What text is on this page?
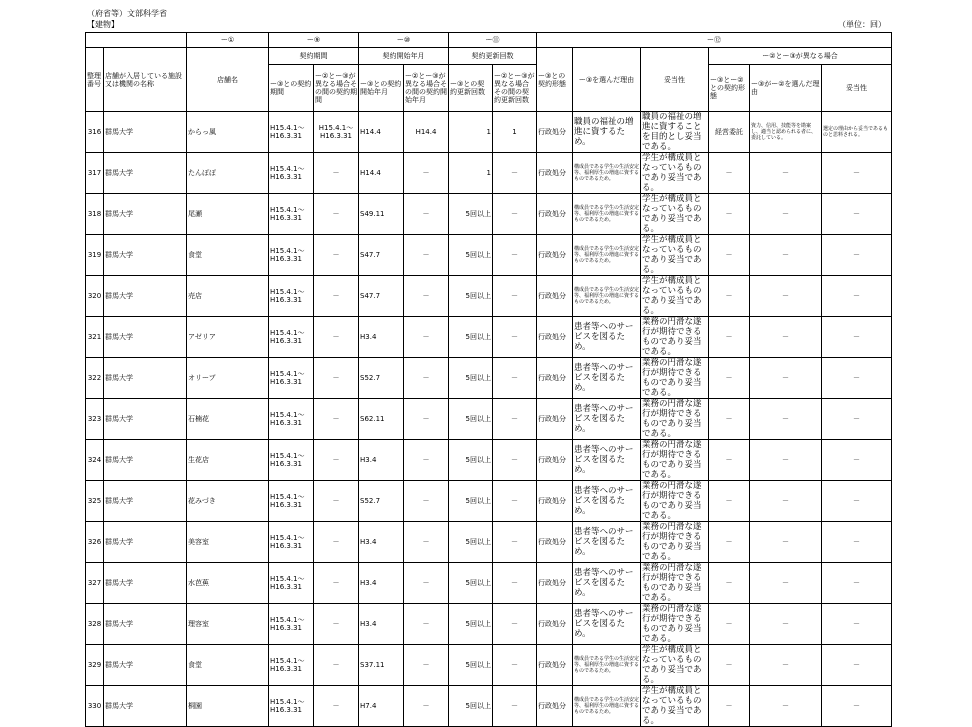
（府省等）文部科学省
【建物】	（単位：回）
		ー①	ー⑨		ー⑩		ー⑪		ー⑫					
整理番号	店舗が入居している施設又は機関の名称	店舗名	契約期間		契約開始年月		契約更新回数		ー③との契約形態	ー③を選んだ理由	妥当性	ー②とー③が異なる場合		
			ー③との契約期間	ー②とー③が異なる場合その間の契約期間	ー③との契約開始年月	ー②とー③が異なる場合その間の契約開始年月	ー③との契約更新回数	ー②とー③が異なる場合その間の契約更新回数				ー③とー②との契約形態	ー③がー②を選んだ理由	妥当性
316	群馬大学	からっ風	H15.4.1～H16.3.31	H15.4.1～H16.3.31	H14.4	H14.4	1	1	行政処分	職員の福祉の増進に資するため。	職員の福祉の増進に資することを目的とし妥当である。	経営委託	資力、信用、技能等を勘案し、適当と認められる者に、委託している。	選定の理由から妥当であるものと思料される。
317	群馬大学	たんぽぽ	H15.4.1～H16.3.31	－	H14.4	－	1	－	行政処分	構成員である学生の生活安定等、福利厚生の増進に資するものであるため。	学生が構成員となっているものであり妥当である。	－	－	－
318	群馬大学	尾瀬	H15.4.1～H16.3.31	－	S49.11	－	5回以上	－	行政処分	構成員である学生の生活安定等、福利厚生の増進に資するものであるため。	学生が構成員となっているものであり妥当である。	－	－	－
319	群馬大学	食堂	H15.4.1～H16.3.31	－	S47.7	－	5回以上	－	行政処分	構成員である学生の生活安定等、福利厚生の増進に資するものであるため。	学生が構成員となっているものであり妥当である。	－	－	－
320	群馬大学	売店	H15.4.1～H16.3.31	－	S47.7	－	5回以上	－	行政処分	構成員である学生の生活安定等、福利厚生の増進に資するものであるため。	学生が構成員となっているものであり妥当である。	－	－	－
321	群馬大学	アゼリア	H15.4.1～H16.3.31	－	H3.4	－	5回以上	－	行政処分	患者等へのサービスを図るため。	業務の円滑な遂行が期待できるものであり妥当である。	－	－	－
322	群馬大学	オリーブ	H15.4.1～H16.3.31	－	S52.7	－	5回以上	－	行政処分	患者等へのサービスを図るため。	業務の円滑な遂行が期待できるものであり妥当である。	－	－	－
323	群馬大学	石楠花	H15.4.1～H16.3.31	－	S62.11	－	5回以上	－	行政処分	患者等へのサービスを図るため。	業務の円滑な遂行が期待できるものであり妥当である。	－	－	－
324	群馬大学	生花店	H15.4.1～H16.3.31	－	H3.4	－	5回以上	－	行政処分	患者等へのサービスを図るため。	業務の円滑な遂行が期待できるものであり妥当である。	－	－	－
325	群馬大学	花みづき	H15.4.1～H16.3.31	－	S52.7	－	5回以上	－	行政処分	患者等へのサービスを図るため。	業務の円滑な遂行が期待できるものであり妥当である。	－	－	－
326	群馬大学	美容室	H15.4.1～H16.3.31	－	H3.4	－	5回以上	－	行政処分	患者等へのサービスを図るため。	業務の円滑な遂行が期待できるものであり妥当である。	－	－	－
327	群馬大学	水芭蕉	H15.4.1～H16.3.31	－	H3.4	－	5回以上	－	行政処分	患者等へのサービスを図るため。	業務の円滑な遂行が期待できるものであり妥当である。	－	－	－
328	群馬大学	理容室	H15.4.1～H16.3.31	－	H3.4	－	5回以上	－	行政処分	患者等へのサービスを図るため。	業務の円滑な遂行が期待できるものであり妥当である。	－	－	－
329	群馬大学	食堂	H15.4.1～H16.3.31	－	S37.11	－	5回以上	－	行政処分	構成員である学生の生活安定等、福利厚生の増進に資するものであるため。	学生が構成員となっているものであり妥当である。	－	－	－
330	群馬大学	桐園	H15.4.1～H16.3.31	－	H7.4	－	5回以上	－	行政処分	構成員である学生の生活安定等、福利厚生の増進に資するものであるため。	学生が構成員となっているものであり妥当である。	－	－	－
